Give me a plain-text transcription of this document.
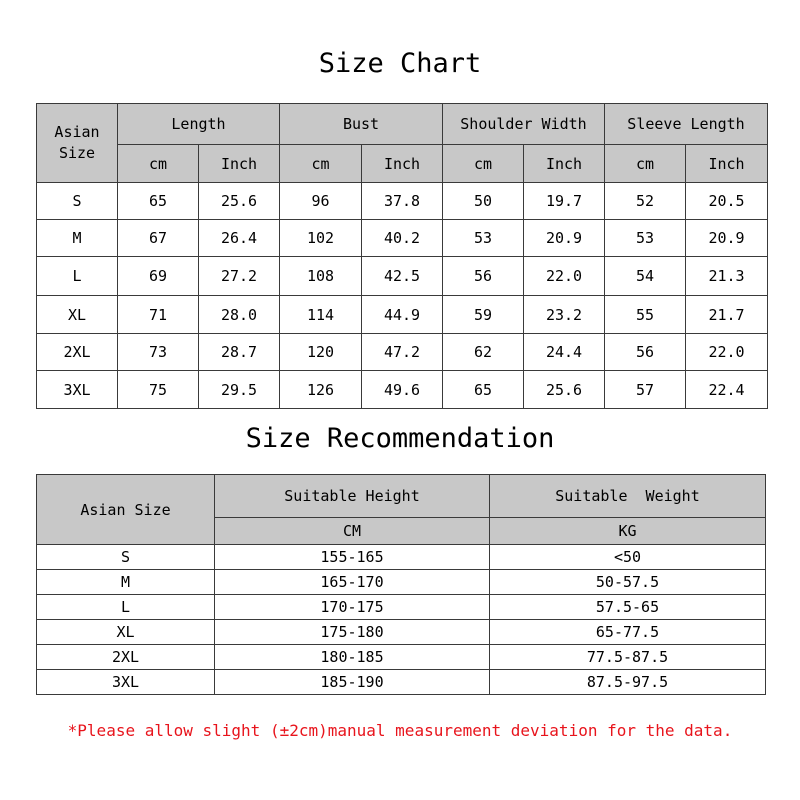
Size Chart
Asian
Size	Length		Bust		Shoulder Width		Sleeve Length	
	cm	Inch	cm	Inch	cm	Inch	cm	Inch
S	65	25.6	96	37.8	50	19.7	52	20.5
M	67	26.4	102	40.2	53	20.9	53	20.9
L	69	27.2	108	42.5	56	22.0	54	21.3
XL	71	28.0	114	44.9	59	23.2	55	21.7
2XL	73	28.7	120	47.2	62	24.4	56	22.0
3XL	75	29.5	126	49.6	65	25.6	57	22.4
Size Recommendation
Asian Size	Suitable Height	Suitable  Weight
	CM	KG
S	155-165	<50
M	165-170	50-57.5
L	170-175	57.5-65
XL	175-180	65-77.5
2XL	180-185	77.5-87.5
3XL	185-190	87.5-97.5
*Please allow slight (±2cm)manual measurement deviation for the data.
